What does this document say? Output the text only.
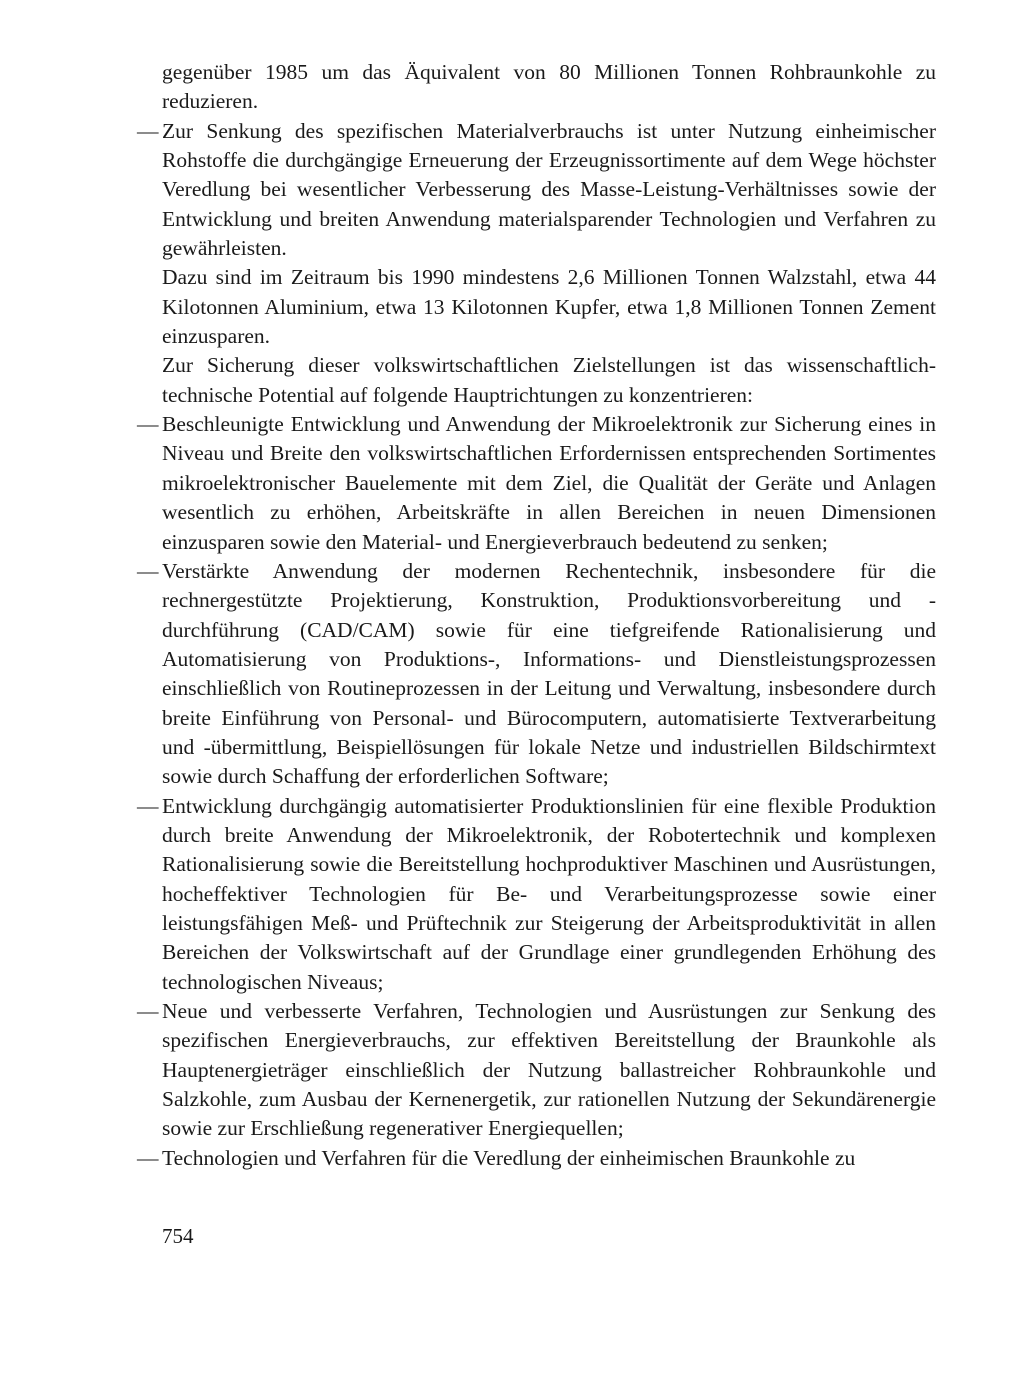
gegenüber 1985 um das Äquivalent von 80 Millionen Tonnen Rohbraunkohle zu reduzieren.

— Zur Senkung des spezifischen Materialverbrauchs ist unter Nutzung einheimischer Rohstoffe die durchgängige Erneuerung der Erzeugnissortimente auf dem Wege höchster Veredlung bei wesentlicher Verbesserung des Masse-Leistung-Verhältnisses sowie der Entwicklung und breiten Anwendung materialsparender Technologien und Verfahren zu gewährleisten.

Dazu sind im Zeitraum bis 1990 mindestens 2,6 Millionen Tonnen Walzstahl, etwa 44 Kilotonnen Aluminium, etwa 13 Kilotonnen Kupfer, etwa 1,8 Millionen Tonnen Zement einzusparen.

Zur Sicherung dieser volkswirtschaftlichen Zielstellungen ist das wissenschaftlich-technische Potential auf folgende Hauptrichtungen zu konzentrieren:

— Beschleunigte Entwicklung und Anwendung der Mikroelektronik zur Sicherung eines in Niveau und Breite den volkswirtschaftlichen Erfordernissen entsprechenden Sortimentes mikroelektronischer Bauelemente mit dem Ziel, die Qualität der Geräte und Anlagen wesentlich zu erhöhen, Arbeitskräfte in allen Bereichen in neuen Dimensionen einzusparen sowie den Material- und Energieverbrauch bedeutend zu senken;
— Verstärkte Anwendung der modernen Rechentechnik, insbesondere für die rechnergestützte Projektierung, Konstruktion, Produktionsvorbereitung und -durchführung (CAD/CAM) sowie für eine tiefgreifende Rationalisierung und Automatisierung von Produktions-, Informations- und Dienstleistungsprozessen einschließlich von Routineprozessen in der Leitung und Verwaltung, insbesondere durch breite Einführung von Personal- und Bürocomputern, automatisierte Textverarbeitung und -übermittlung, Beispiellösungen für lokale Netze und industriellen Bildschirmtext sowie durch Schaffung der erforderlichen Software;
— Entwicklung durchgängig automatisierter Produktionslinien für eine flexible Produktion durch breite Anwendung der Mikroelektronik, der Robotertechnik und komplexen Rationalisierung sowie die Bereitstellung hochproduktiver Maschinen und Ausrüstungen, hocheffektiver Technologien für Be- und Verarbeitungsprozesse sowie einer leistungsfähigen Meß- und Prüftechnik zur Steigerung der Arbeitsproduktivität in allen Bereichen der Volkswirtschaft auf der Grundlage einer grundlegenden Erhöhung des technologischen Niveaus;
— Neue und verbesserte Verfahren, Technologien und Ausrüstungen zur Senkung des spezifischen Energieverbrauchs, zur effektiven Bereitstellung der Braunkohle als Hauptenergieträger einschließlich der Nutzung ballastreicher Rohbraunkohle und Salzkohle, zum Ausbau der Kernenergetik, zur rationellen Nutzung der Sekundärenergie sowie zur Erschließung regenerativer Energiequellen;
— Technologien und Verfahren für die Veredlung der einheimischen Braunkohle zu
754
